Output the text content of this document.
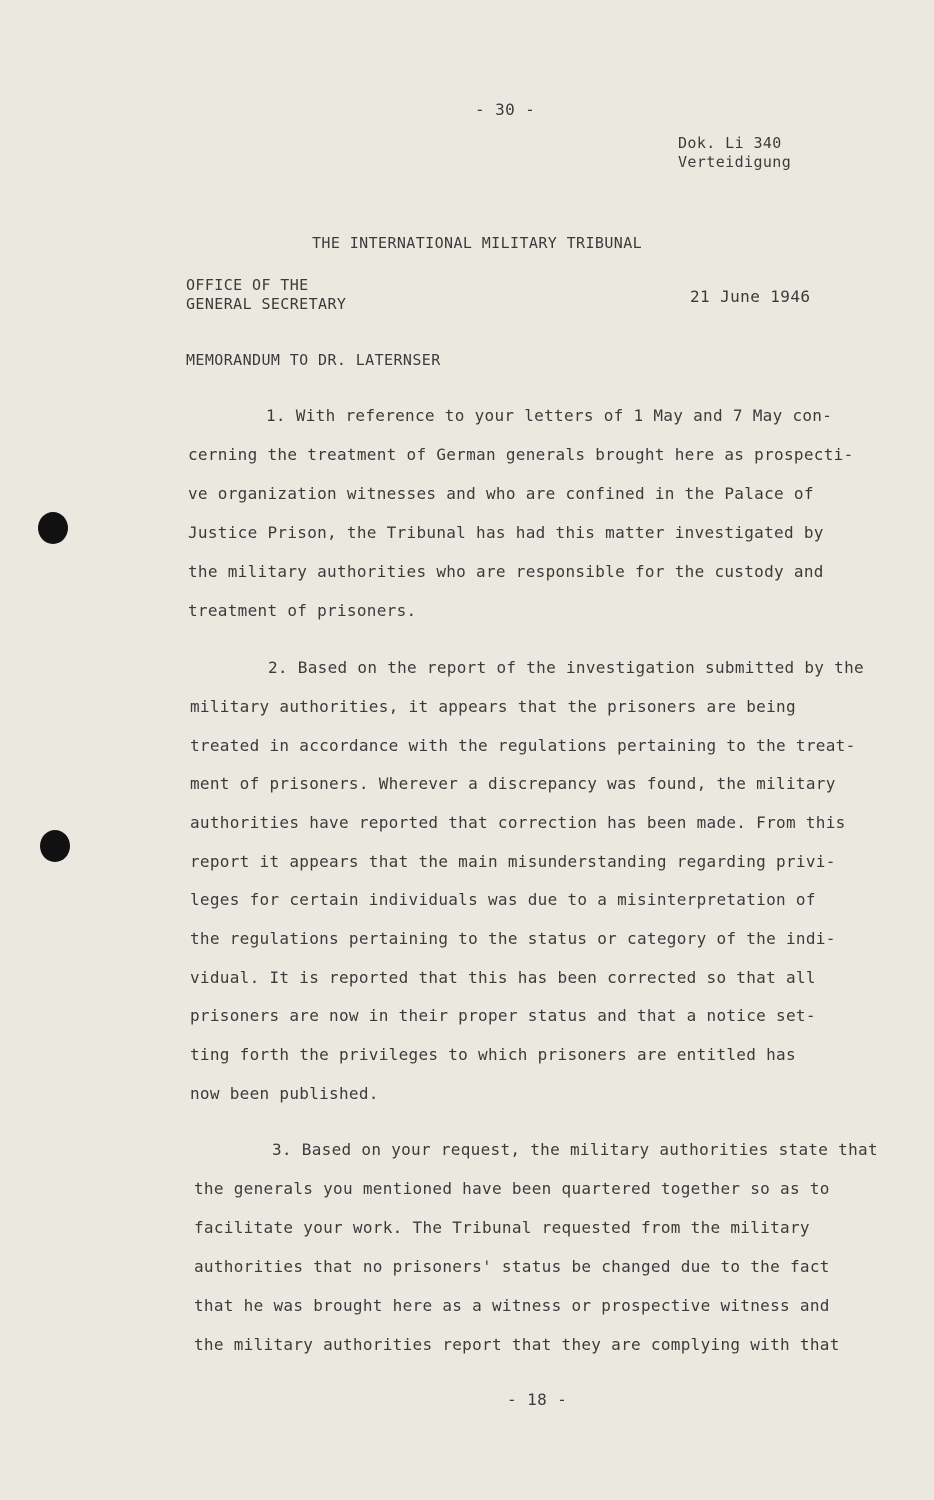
- 30 -
Dok. Li 340
Verteidigung
THE INTERNATIONAL MILITARY TRIBUNAL
OFFICE OF THE
GENERAL SECRETARY	21 June 1946
MEMORANDUM TO DR. LATERNSER
1. With reference to your letters of 1 May and 7 May con-
cerning the treatment of German generals brought here as prospecti-
ve organization witnesses and who are confined in the Palace of
Justice Prison, the Tribunal has had this matter investigated by
the military authorities who are responsible for the custody and
treatment of prisoners.
2. Based on the report of the investigation submitted by the
military authorities, it appears that the prisoners are being
treated in accordance with the regulations pertaining to the treat-
ment of prisoners. Wherever a discrepancy was found, the military
authorities have reported that correction has been made. From this
report it appears that the main misunderstanding regarding privi-
leges for certain individuals was due to a misinterpretation of
the regulations pertaining to the status or category of the indi-
vidual. It is reported that this has been corrected so that all
prisoners are now in their proper status and that a notice set-
ting forth the privileges to which prisoners are entitled has
now been published.
3. Based on your request, the military authorities state that
the generals you mentioned have been quartered together so as to
facilitate your work. The Tribunal requested from the military
authorities that no prisoners' status be changed due to the fact
that he was brought here as a witness or prospective witness and
the military authorities report that they are complying with that
- 18 -
